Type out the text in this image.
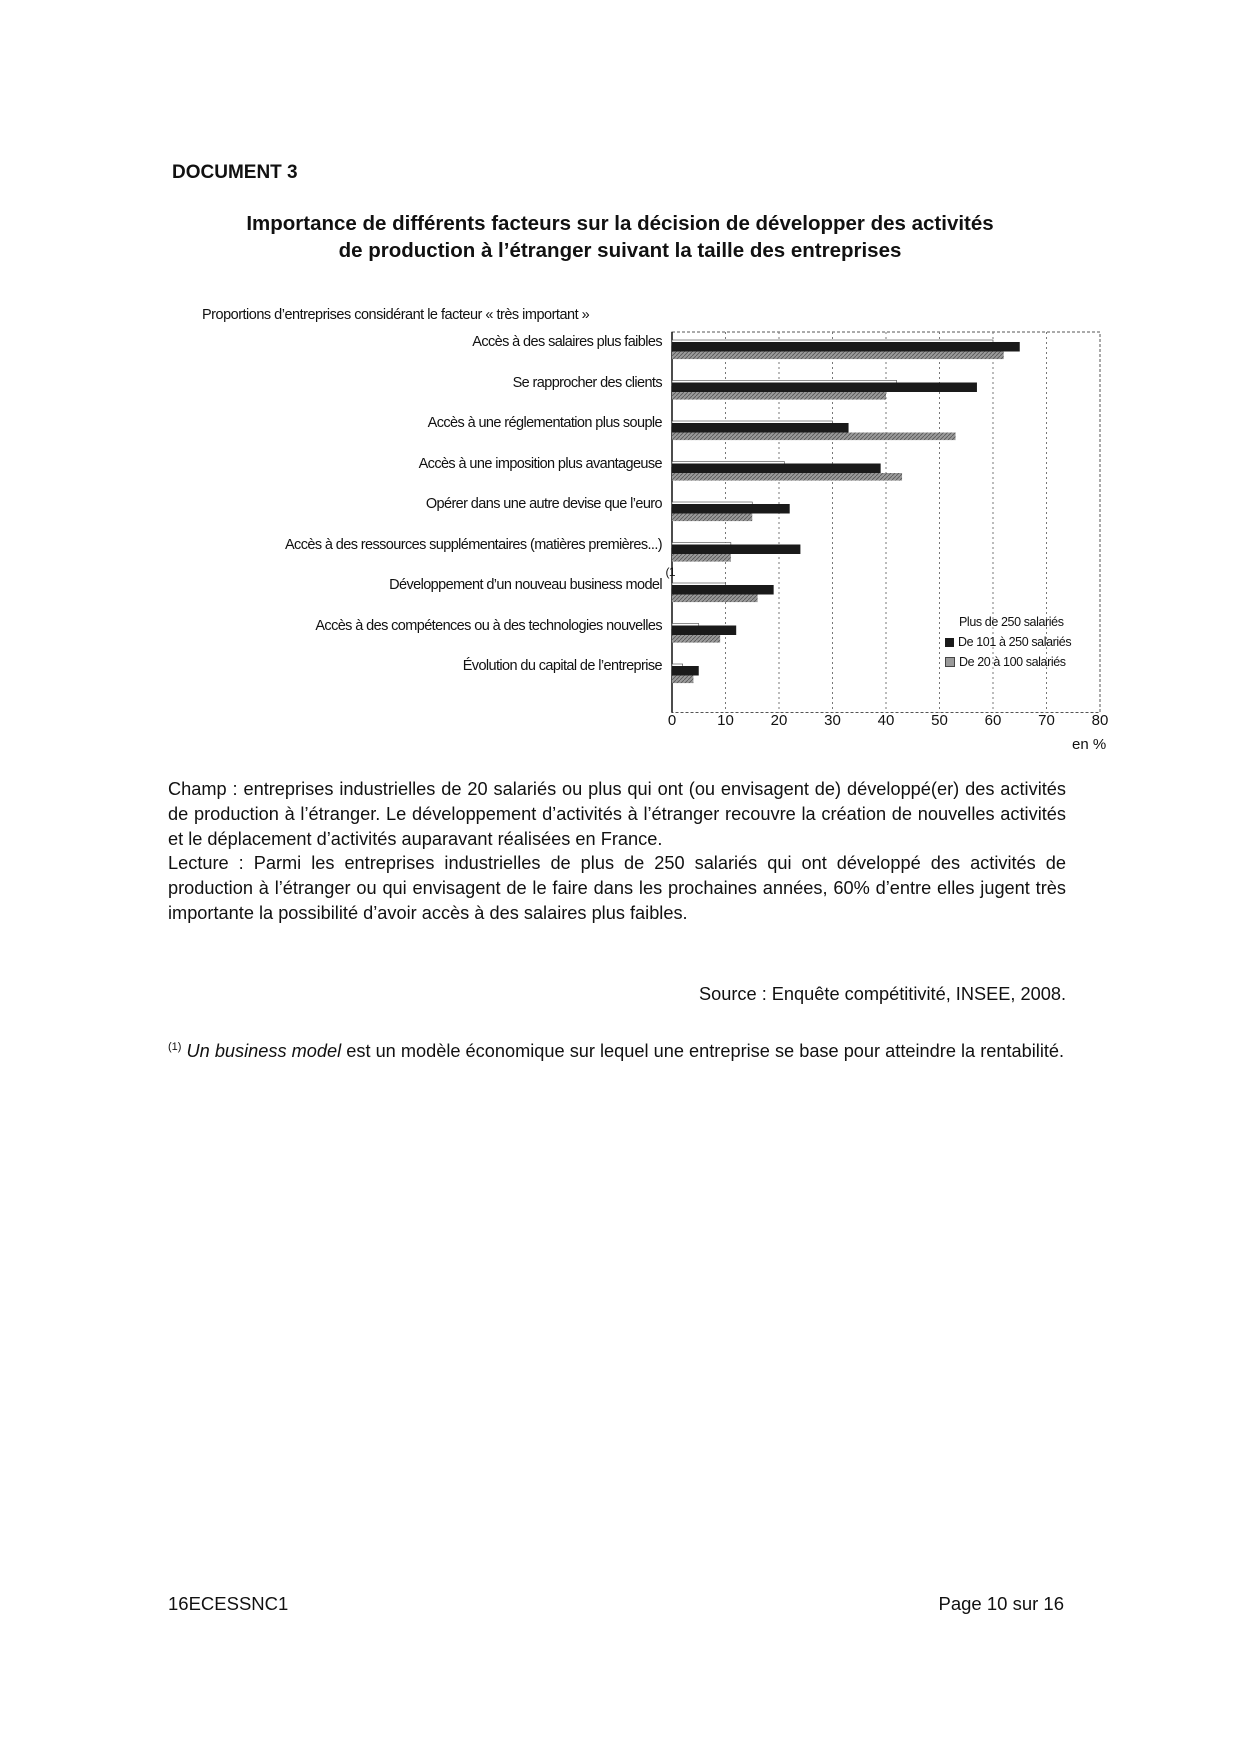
DOCUMENT 3
Importance de différents facteurs sur la décision de développer des activités
de production à l’étranger suivant la taille des entreprises
Proportions d’entreprises considérant le facteur « très important »
Accès à des salaires plus faibles
Se rapprocher des clients
Accès à une réglementation plus souple
Accès à une imposition plus avantageuse
Opérer dans une autre devise que l’euro
Accès à des ressources supplémentaires (matières premières...)
Développement d’un nouveau business model
Accès à des compétences ou à des technologies nouvelles
Évolution du capital de l’entreprise
(1
0	10	20	30	40	50	60	70	80
en %
Plus de 250 salariés
De 101 à 250 salariés
De 20 à 100 salariés
Champ : entreprises industrielles de 20 salariés ou plus qui ont (ou envisagent de) développé(er) des activités de production à l’étranger. Le développement d’activités à l’étranger recouvre la création de nouvelles activités et le déplacement d’activités auparavant réalisées en France.
Lecture : Parmi les entreprises industrielles de plus de 250 salariés qui ont développé des activités de production à l’étranger ou qui envisagent de le faire dans les prochaines années, 60% d’entre elles jugent très importante la possibilité d’avoir accès à des salaires plus faibles.
Source : Enquête compétitivité, INSEE, 2008.
$^{(1)}$ Un business model est un modèle économique sur lequel une entreprise se base pour atteindre la rentabilité.
16ECESSNC1	Page 10 sur 16
